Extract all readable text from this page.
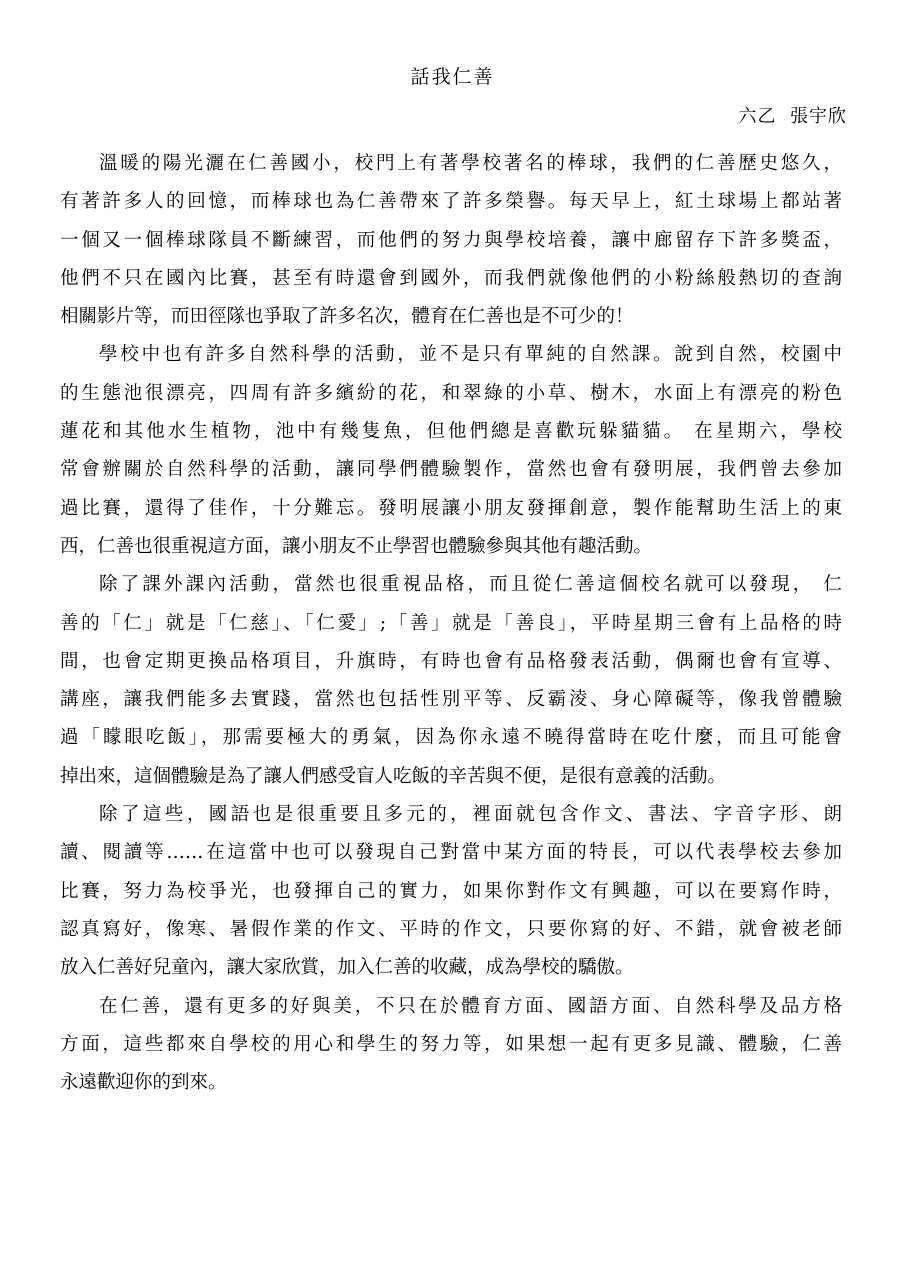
話我仁善
六乙  張宇欣

溫暖的陽光灑在仁善國小，校門上有著學校著名的棒球，我們的仁善歷史悠久，
有著許多人的回憶，而棒球也為仁善帶來了許多榮譽。每天早上，紅土球場上都站著
一個又一個棒球隊員不斷練習，而他們的努力與學校培養，讓中廊留存下許多獎盃，
他們不只在國內比賽，甚至有時還會到國外，而我們就像他們的小粉絲般熱切的查詢
相關影片等，而田徑隊也爭取了許多名次，體育在仁善也是不可少的！

學校中也有許多自然科學的活動，並不是只有單純的自然課。說到自然，校園中
的生態池很漂亮，四周有許多繽紛的花，和翠綠的小草、樹木，水面上有漂亮的粉色
蓮花和其他水生植物，池中有幾隻魚，但他們總是喜歡玩躲貓貓。 在星期六，學校
常會辦關於自然科學的活動，讓同學們體驗製作，當然也會有發明展，我們曾去參加
過比賽，還得了佳作，十分難忘。發明展讓小朋友發揮創意，製作能幫助生活上的東
西，仁善也很重視這方面，讓小朋友不止學習也體驗參與其他有趣活動。

除了課外課內活動，當然也很重視品格，而且從仁善這個校名就可以發現， 仁
善的「仁」就是「仁慈」、「仁愛」;「善」就是「善良」，平時星期三會有上品格的時
間，也會定期更換品格項目，升旗時，有時也會有品格發表活動，偶爾也會有宣導、
講座，讓我們能多去實踐，當然也包括性別平等、反霸淩、身心障礙等，像我曾體驗
過「矇眼吃飯」，那需要極大的勇氣，因為你永遠不曉得當時在吃什麼，而且可能會
掉出來，這個體驗是為了讓人們感受盲人吃飯的辛苦與不便，是很有意義的活動。

除了這些，國語也是很重要且多元的，裡面就包含作文、書法、字音字形、朗
讀、閱讀等……在這當中也可以發現自己對當中某方面的特長，可以代表學校去參加
比賽，努力為校爭光，也發揮自己的實力，如果你對作文有興趣，可以在要寫作時，
認真寫好，像寒、暑假作業的作文、平時的作文，只要你寫的好、不錯，就會被老師
放入仁善好兒童內，讓大家欣賞，加入仁善的收藏，成為學校的驕傲。

在仁善，還有更多的好與美，不只在於體育方面、國語方面、自然科學及品方格
方面，這些都來自學校的用心和學生的努力等，如果想一起有更多見識、體驗，仁善
永遠歡迎你的到來。
